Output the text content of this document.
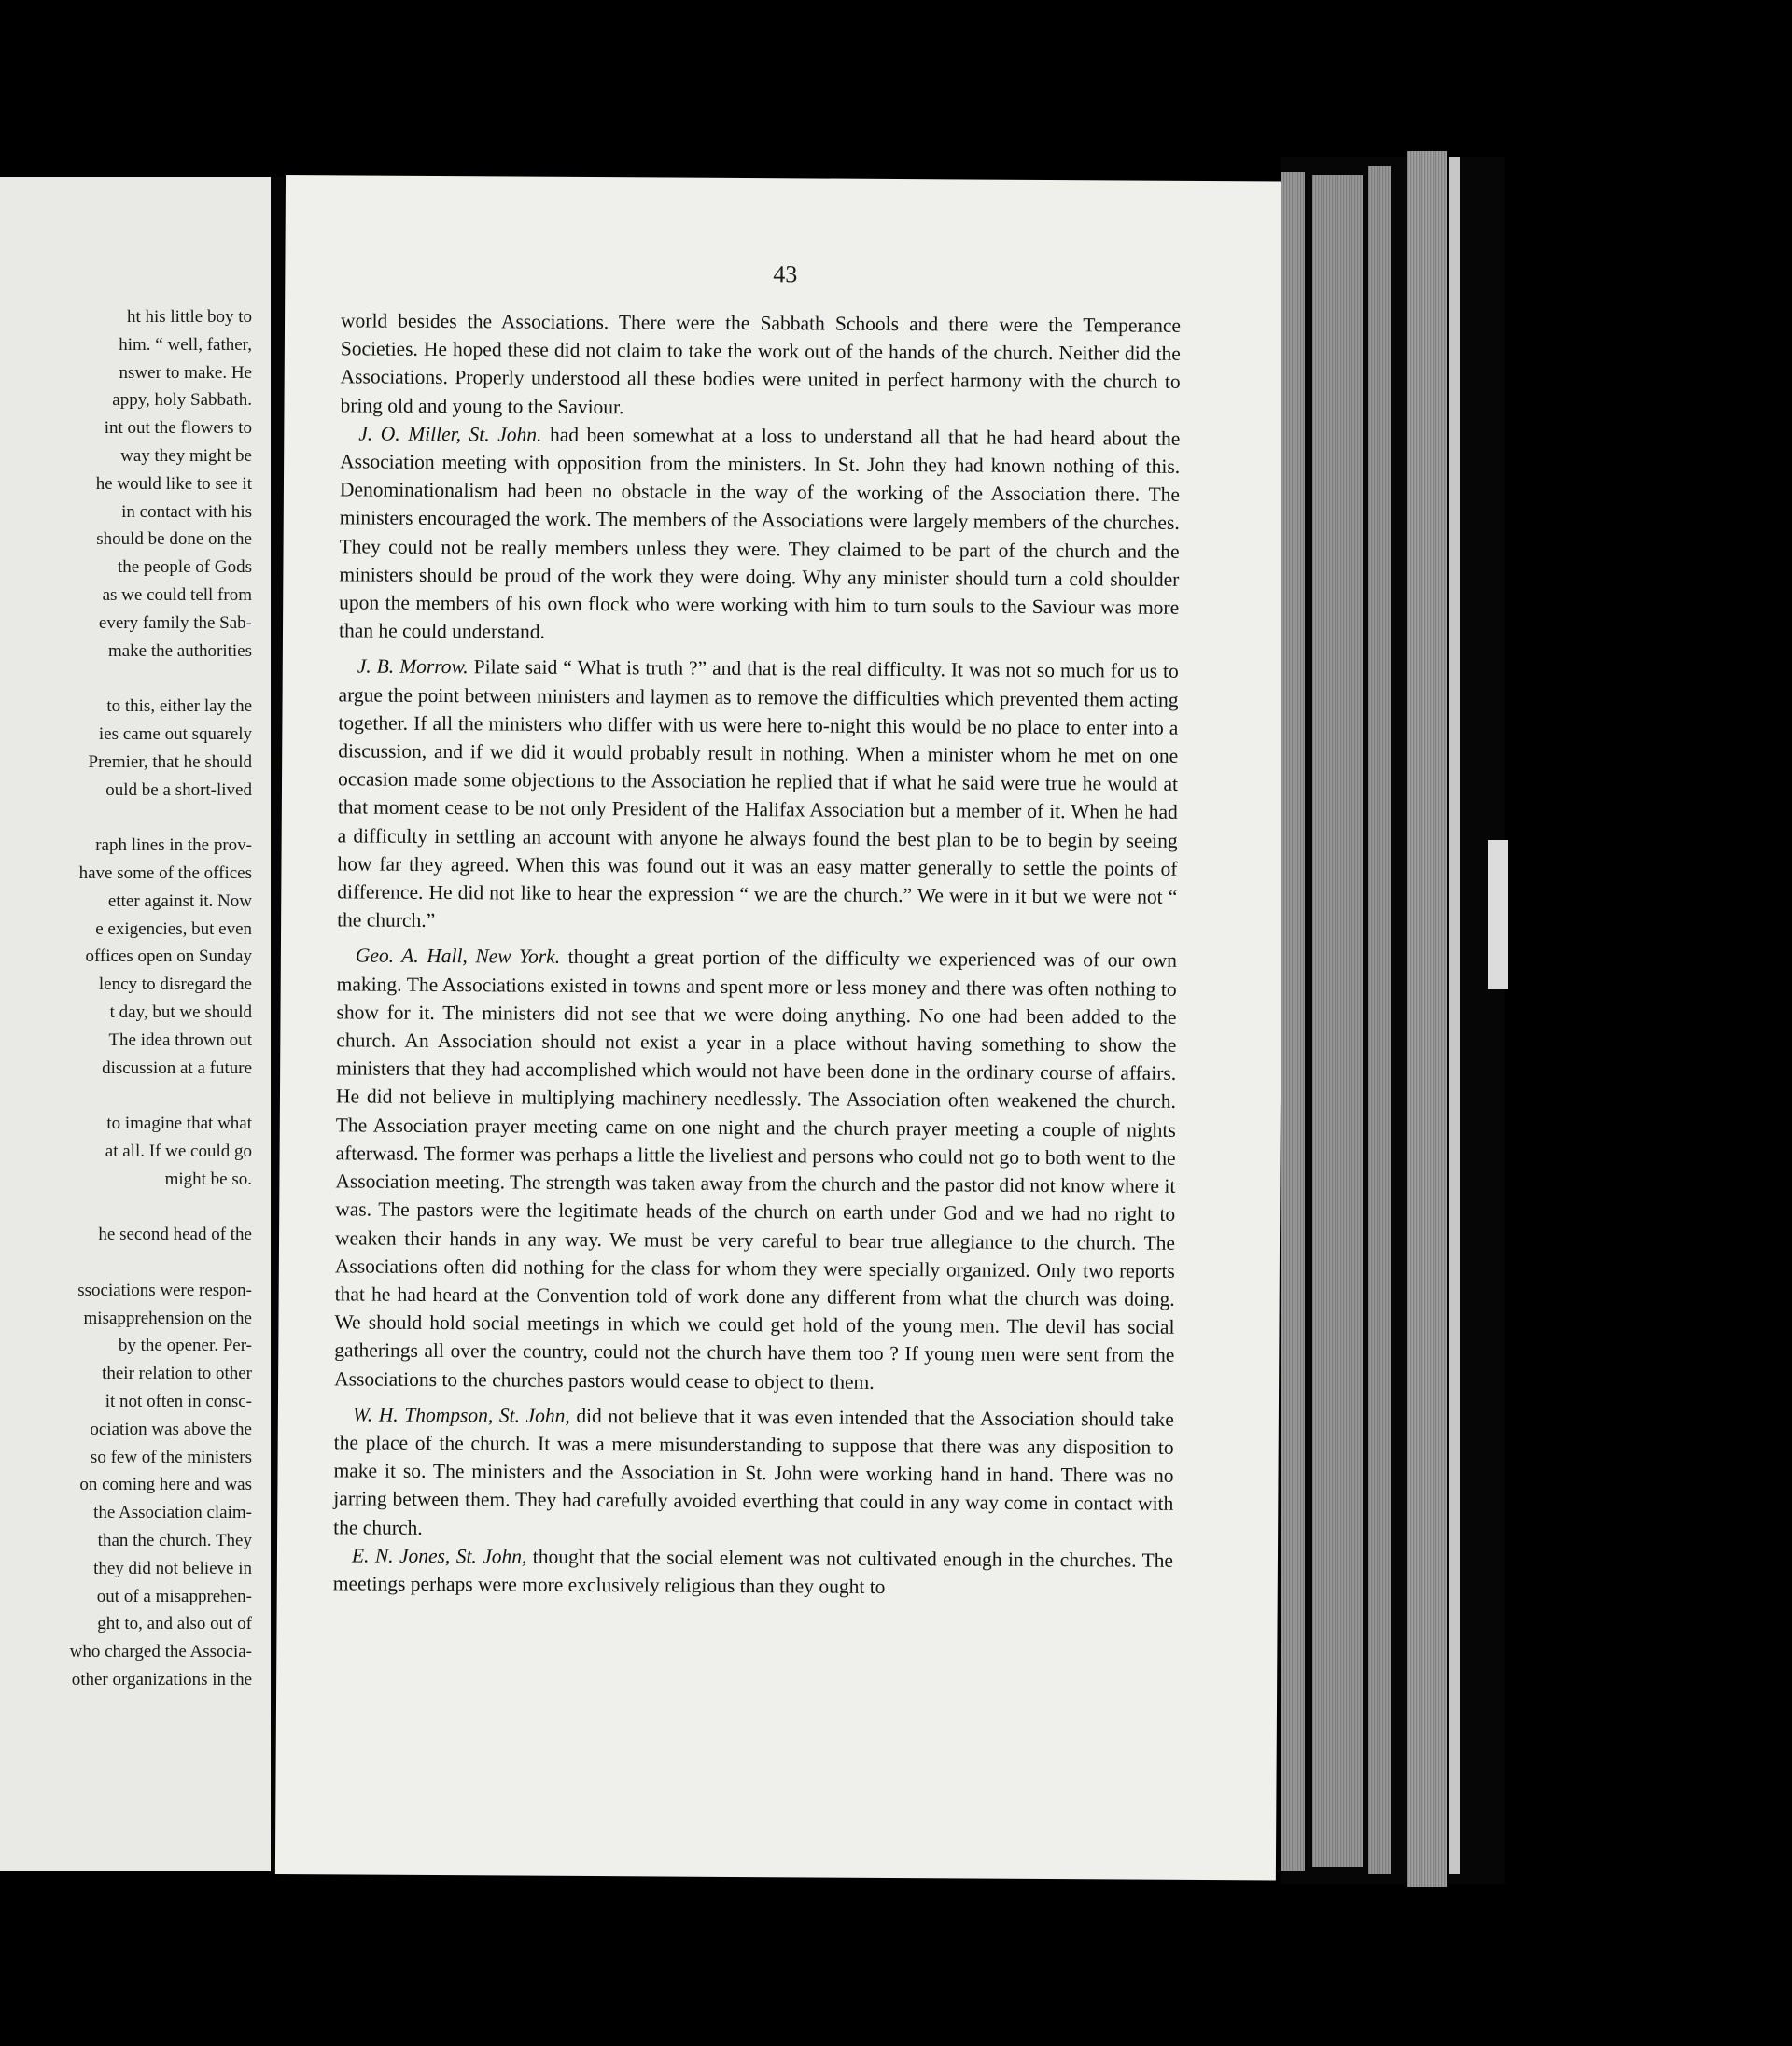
ht his little boy to
him. “ well, father,
nswer to make. He
appy, holy Sabbath.
int out the flowers to
way they might be
he would like to see it
in contact with his
should be done on the
the people of Gods
as we could tell from
every family the Sab-
make the authorities
to this, either lay the
ies came out squarely
Premier, that he should
ould be a short-lived
raph lines in the prov-
have some of the offices
etter against it. Now
e exigencies, but even
offices open on Sunday
lency to disregard the
t day, but we should
The idea thrown out
discussion at a future
to imagine that what
at all. If we could go
might be so.
he second head of the
ssociations were respon-
misapprehension on the
by the opener. Per-
their relation to other
it not often in consc-
ociation was above the
so few of the ministers
on coming here and was
the Association claim-
than the church. They
they did not believe in
out of a misapprehen-
ght to, and also out of
who charged the Associa-
other organizations in the
43

world besides the Associations. There were the Sabbath Schools and there were the Temperance Societies. He hoped these did not claim to take the work out of the hands of the church. Neither did the Associations. Properly understood all these bodies were united in perfect harmony with the church to bring old and young to the Saviour.

J. O. Miller, St. John. had been somewhat at a loss to understand all that he had heard about the Association meeting with opposition from the ministers. In St. John they had known nothing of this. Denominationalism had been no obstacle in the way of the working of the Association there. The ministers encouraged the work. The members of the Associations were largely members of the churches. They could not be really members unless they were. They claimed to be part of the church and the ministers should be proud of the work they were doing. Why any minister should turn a cold shoulder upon the members of his own flock who were working with him to turn souls to the Saviour was more than he could understand.

J. B. Morrow. Pilate said “ What is truth ?” and that is the real difficulty. It was not so much for us to argue the point between ministers and laymen as to remove the difficulties which prevented them acting together. If all the ministers who differ with us were here to-night this would be no place to enter into a discussion, and if we did it would probably result in nothing. When a minister whom he met on one occasion made some objections to the Association he replied that if what he said were true he would at that moment cease to be not only President of the Halifax Association but a member of it. When he had a difficulty in settling an account with anyone he always found the best plan to be to begin by seeing how far they agreed. When this was found out it was an easy matter generally to settle the points of difference. He did not like to hear the expression “ we are the church.” We were in it but we were not “ the church.”

Geo. A. Hall, New York. thought a great portion of the difficulty we experienced was of our own making. The Associations existed in towns and spent more or less money and there was often nothing to show for it. The ministers did not see that we were doing anything. No one had been added to the church. An Association should not exist a year in a place without having something to show the ministers that they had accomplished which would not have been done in the ordinary course of affairs. He did not believe in multiplying machinery needlessly. The Association often weakened the church. The Association prayer meeting came on one night and the church prayer meeting a couple of nights afterwasd. The former was perhaps a little the liveliest and persons who could not go to both went to the Association meeting. The strength was taken away from the church and the pastor did not know where it was. The pastors were the legitimate heads of the church on earth under God and we had no right to weaken their hands in any way. We must be very careful to bear true allegiance to the church. The Associations often did nothing for the class for whom they were specially organized. Only two reports that he had heard at the Convention told of work done any different from what the church was doing. We should hold social meetings in which we could get hold of the young men. The devil has social gatherings all over the country, could not the church have them too ? If young men were sent from the Associations to the churches pastors would cease to object to them.

W. H. Thompson, St. John, did not believe that it was even intended that the Association should take the place of the church. It was a mere misunderstanding to suppose that there was any disposition to make it so. The ministers and the Association in St. John were working hand in hand. There was no jarring between them. They had carefully avoided everthing that could in any way come in contact with the church.

E. N. Jones, St. John, thought that the social element was not cultivated enough in the churches. The meetings perhaps were more exclusively religious than they ought to
